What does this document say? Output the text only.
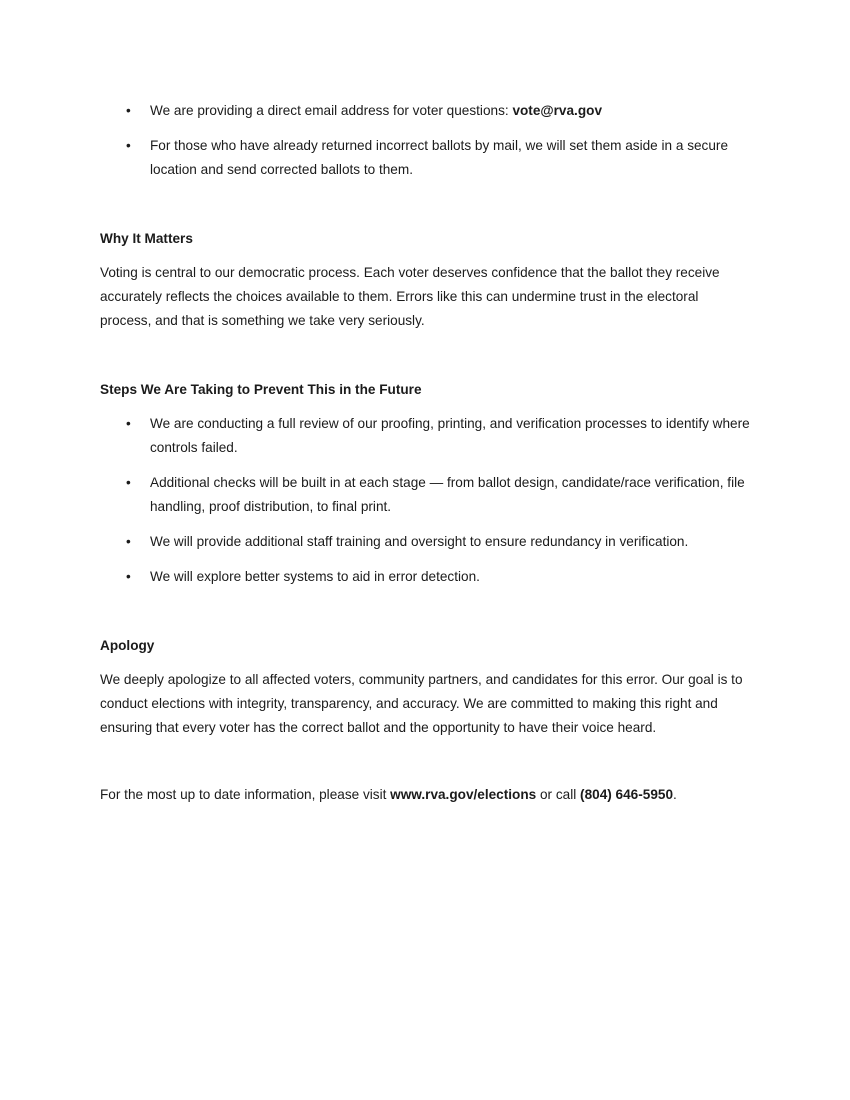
• We are providing a direct email address for voter questions: vote@rva.gov
• For those who have already returned incorrect ballots by mail, we will set them aside in a secure location and send corrected ballots to them.
Why It Matters

Voting is central to our democratic process. Each voter deserves confidence that the ballot they receive accurately reflects the choices available to them. Errors like this can undermine trust in the electoral process, and that is something we take very seriously.

Steps We Are Taking to Prevent This in the Future
• We are conducting a full review of our proofing, printing, and verification processes to identify where controls failed.
• Additional checks will be built in at each stage — from ballot design, candidate/race verification, file handling, proof distribution, to final print.
• We will provide additional staff training and oversight to ensure redundancy in verification.
• We will explore better systems to aid in error detection.
Apology

We deeply apologize to all affected voters, community partners, and candidates for this error. Our goal is to conduct elections with integrity, transparency, and accuracy. We are committed to making this right and ensuring that every voter has the correct ballot and the opportunity to have their voice heard.

For the most up to date information, please visit www.rva.gov/elections or call (804) 646-5950.
